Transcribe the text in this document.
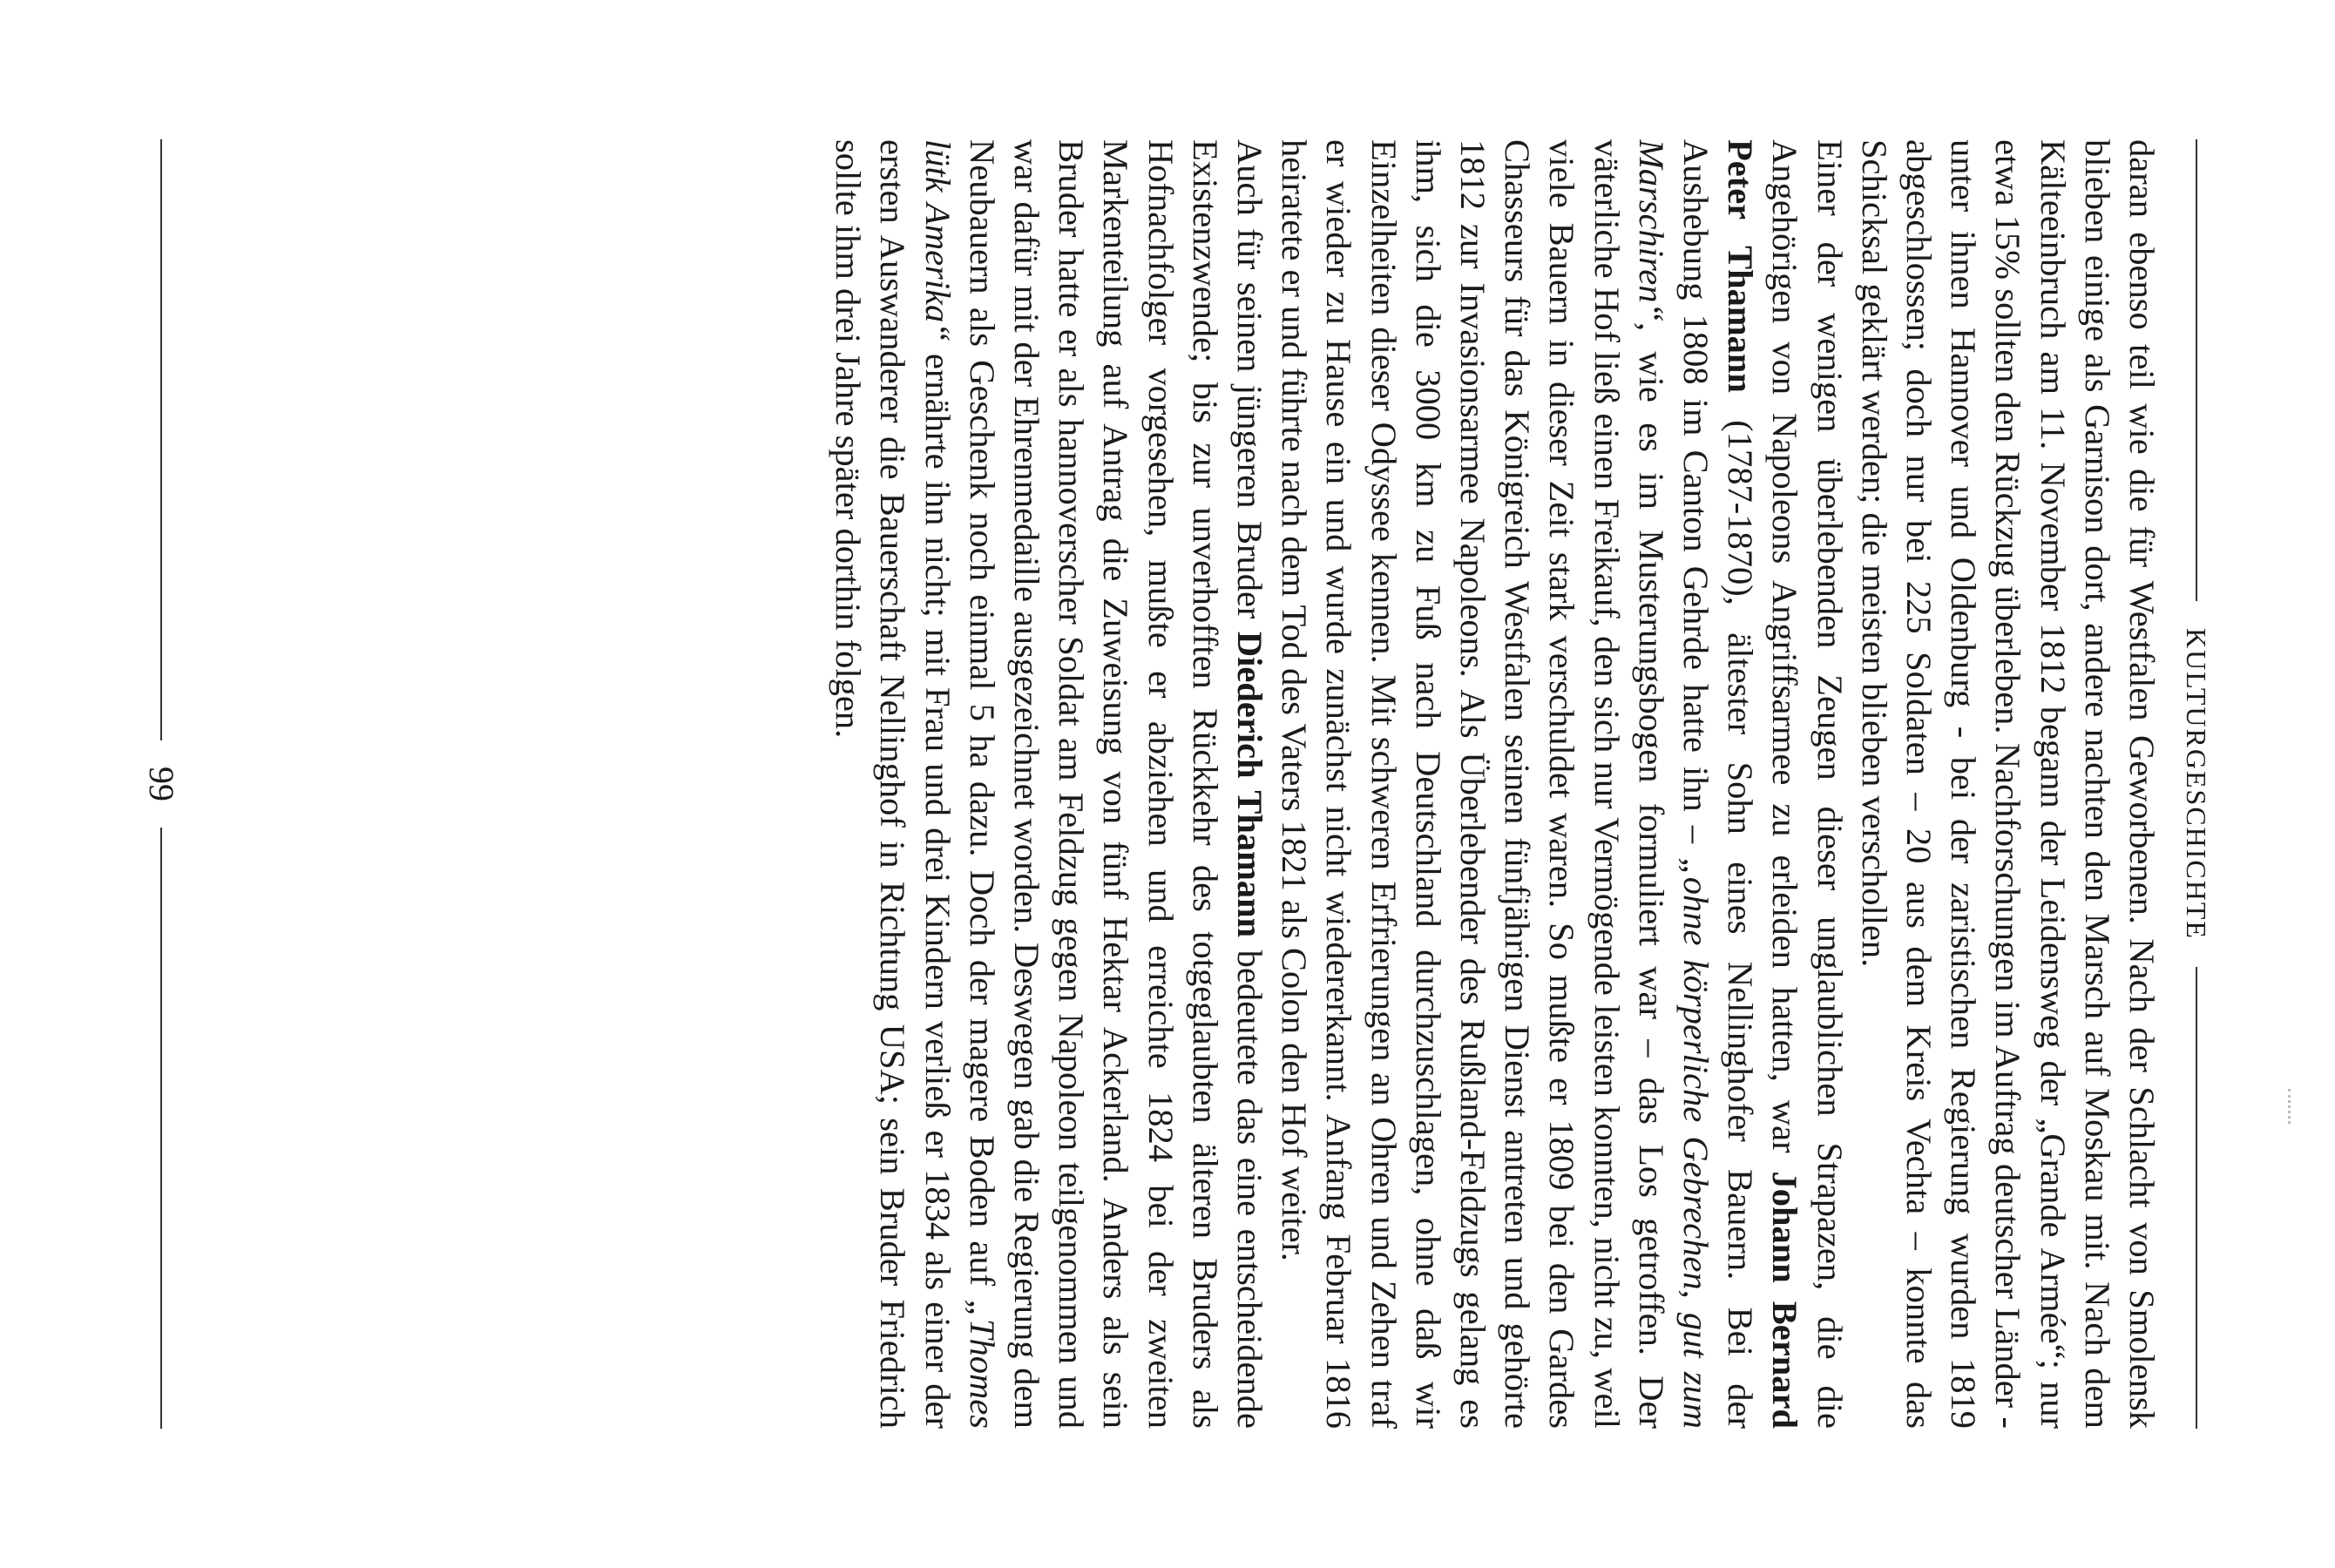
KULTURGESCHICHTE

daran ebenso teil wie die für Westfalen Geworbenen. Nach der Schlacht von Smolensk blieben einige als Garnison dort, andere nachten den Marsch auf Moskau mit. Nach dem Kälteeinbruch am 11. November 1812 begann der Leidensweg der „Grande Armée“; nur etwa 15% sollten den Rückzug überleben. Nachforschungen im Auftrag deutscher Länder - unter ihnen Hannover und Oldenburg - bei der zaristischen Regierung wurden 1819 abgeschlossen; doch nur bei 225 Soldaten – 20 aus dem Kreis Vechta – konnte das Schicksal geklärt werden; die meisten blieben verschollen.

Einer der wenigen überlebenden Zeugen dieser unglaublichen Strapazen, die die Angehörigen von Napoleons Angriffsarmee zu erleiden hatten, war Johann Bernard Peter Thamann (1787-1870), ältester Sohn eines Nellinghofer Bauern. Bei der Aushebung 1808 im Canton Gehrde hatte ihn – „ohne körperliche Gebrechen, gut zum Marschiren“, wie es im Musterungsbogen formuliert war – das Los getroffen. Der väterliche Hof ließ einen Freikauf, den sich nur Vermögende leisten konnten, nicht zu, weil viele Bauern in dieser Zeit stark verschuldet waren. So mußte er 1809 bei den Gardes Chasseurs für das Königreich Westfalen seinen fünfjährigen Dienst antreten und gehörte 1812 zur Invasionsarmee Napoleons. Als Überlebender des Rußland-Feldzugs gelang es ihm, sich die 3000 km zu Fuß nach Deutschland durchzuschlagen, ohne daß wir Einzelheiten dieser Odyssee kennen. Mit schweren Erfrierungen an Ohren und Zehen traf er wieder zu Hause ein und wurde zunächst nicht wiedererkannt. Anfang Februar 1816 heiratete er und führte nach dem Tod des Vaters 1821 als Colon den Hof weiter.

Auch für seinen jüngeren Bruder Diederich Thamann bedeutete das eine entscheidende Existenzwende; bis zur unverhofften Rückkehr des totgeglaubten älteren Bruders als Hofnachfolger vorgesehen, mußte er abziehen und erreichte 1824 bei der zweiten Markenteilung auf Antrag die Zuweisung von fünf Hektar Ackerland. Anders als sein Bruder hatte er als hannoverscher Soldat am Feldzug gegen Napoleon teilgenommen und war dafür mit der Ehrenmedaille ausgezeichnet worden. Deswegen gab die Regierung dem Neubauern als Geschenk noch einmal 5 ha dazu. Doch der magere Boden auf „Thomes lütk Amerika“ ernährte ihn nicht; mit Frau und drei Kindern verließ er 1834 als einer der ersten Auswanderer die Bauerschaft Nellinghof in Richtung USA; sein Bruder Friedrich sollte ihm drei Jahre später dorthin folgen.

99
